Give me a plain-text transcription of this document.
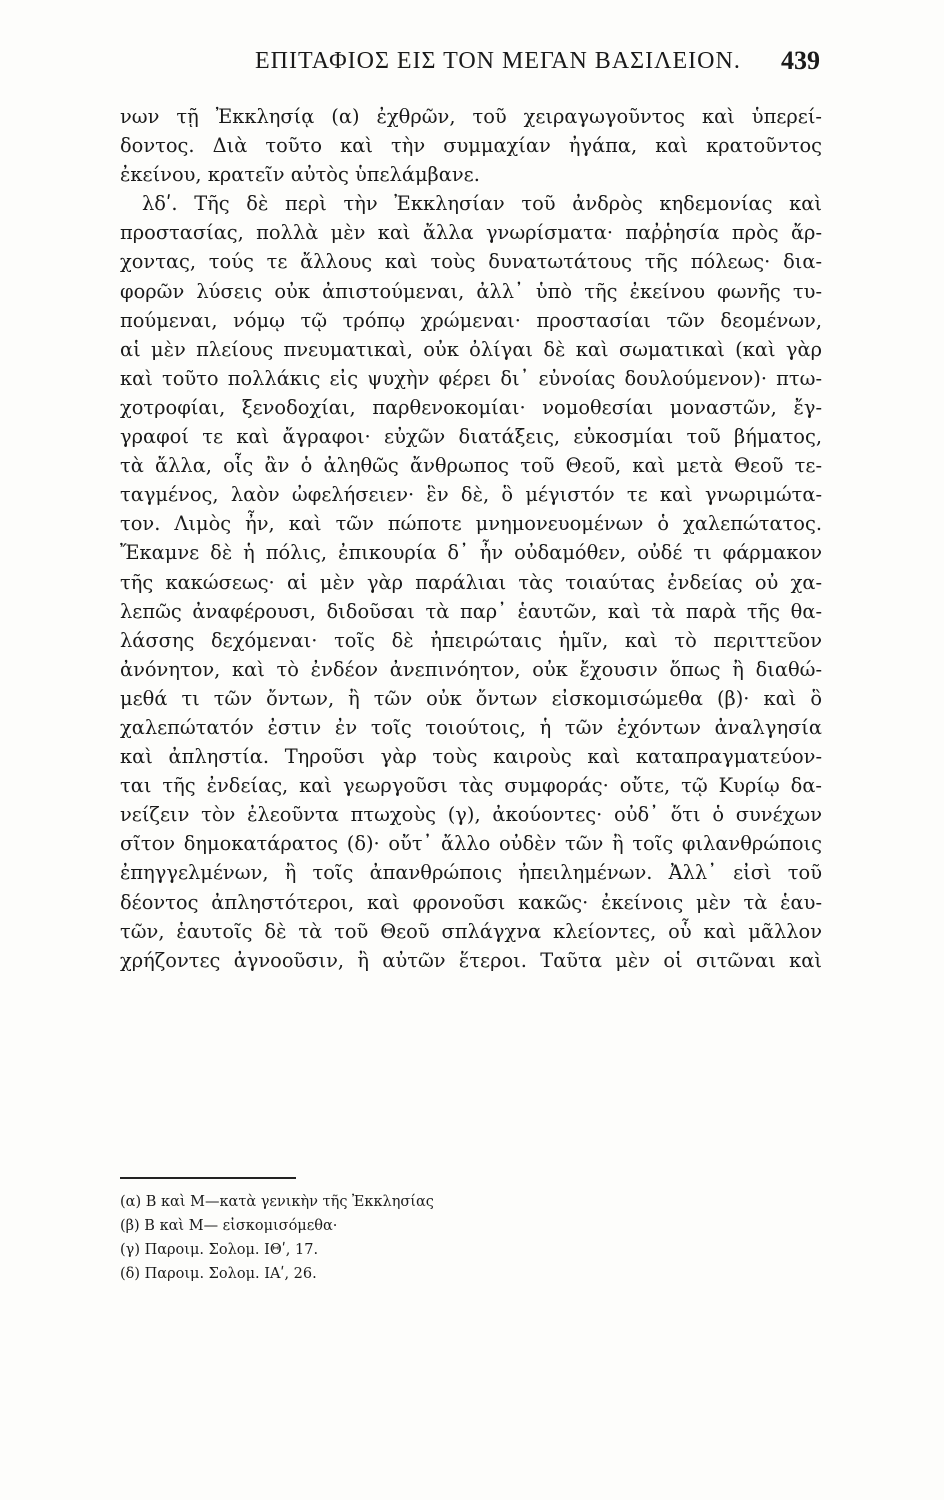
ΕΠΙΤΑΦΙΟΣ ΕΙΣ ΤΟΝ ΜΕΓΑΝ ΒΑΣΙΛΕΙΟΝ. 439
νων τῇ Ἐκκλησίᾳ (α) ἐχθρῶν, τοῦ χειραγωγοῦντος καὶ ὑπερεί-
δοντος. Διὰ τοῦτο καὶ τὴν συμμαχίαν ἠγάπα, καὶ κρατοῦντος
ἐκείνου, κρατεῖν αὐτὸς ὑπελάμβανε.
λδʹ. Τῆς δὲ περὶ τὴν Ἐκκλησίαν τοῦ ἀνδρὸς κηδεμονίας καὶ
προστασίας, πολλὰ μὲν καὶ ἄλλα γνωρίσματα· παῤῥησία πρὸς ἄρ-
χοντας, τούς τε ἄλλους καὶ τοὺς δυνατωτάτους τῆς πόλεως· δια-
φορῶν λύσεις οὐκ ἀπιστούμεναι, ἀλλ᾽ ὑπὸ τῆς ἐκείνου φωνῆς τυ-
πούμεναι, νόμῳ τῷ τρόπῳ χρώμεναι· προστασίαι τῶν δεομένων,
αἱ μὲν πλείους πνευματικαὶ, οὐκ ὀλίγαι δὲ καὶ σωματικαὶ (καὶ γὰρ
καὶ τοῦτο πολλάκις εἰς ψυχὴν φέρει δι᾽ εὐνοίας δουλούμενον)· πτω-
χοτροφίαι, ξενοδοχίαι, παρθενοκομίαι· νομοθεσίαι μοναστῶν, ἔγ-
γραφοί τε καὶ ἄγραφοι· εὐχῶν διατάξεις, εὐκοσμίαι τοῦ βήματος,
τὰ ἄλλα, οἷς ἂν ὁ ἀληθῶς ἄνθρωπος τοῦ Θεοῦ, καὶ μετὰ Θεοῦ τε-
ταγμένος, λαὸν ὠφελήσειεν· ἓν δὲ, ὃ μέγιστόν τε καὶ γνωριμώτα-
τον. Λιμὸς ἦν, καὶ τῶν πώποτε μνημονευομένων ὁ χαλεπώτατος.
Ἔκαμνε δὲ ἡ πόλις, ἐπικουρία δ᾽ ἦν οὐδαμόθεν, οὐδέ τι φάρμακον
τῆς κακώσεως· αἱ μὲν γὰρ παράλιαι τὰς τοιαύτας ἐνδείας οὐ χα-
λεπῶς ἀναφέρουσι, διδοῦσαι τὰ παρ᾽ ἑαυτῶν, καὶ τὰ παρὰ τῆς θα-
λάσσης δεχόμεναι· τοῖς δὲ ἠπειρώταις ἡμῖν, καὶ τὸ περιττεῦον
ἀνόνητον, καὶ τὸ ἐνδέον ἀνεπινόητον, οὐκ ἔχουσιν ὅπως ἢ διαθώ-
μεθά τι τῶν ὄντων, ἢ τῶν οὐκ ὄντων εἰσκομισώμεθα (β)· καὶ ὃ
χαλεπώτατόν ἐστιν ἐν τοῖς τοιούτοις, ἡ τῶν ἐχόντων ἀναλγησία
καὶ ἀπληστία. Τηροῦσι γὰρ τοὺς καιροὺς καὶ καταπραγματεύον-
ται τῆς ἐνδείας, καὶ γεωργοῦσι τὰς συμφοράς· οὔτε, τῷ Κυρίῳ δα-
νείζειν τὸν ἐλεοῦντα πτωχοὺς (γ), ἀκούοντες· οὐδ᾽ ὅτι ὁ συνέχων
σῖτον δημοκατάρατος (δ)· οὔτ᾽ ἄλλο οὐδὲν τῶν ἢ τοῖς φιλανθρώποις
ἐπηγγελμένων, ἢ τοῖς ἀπανθρώποις ἠπειλημένων. Ἀλλ᾽ εἰσὶ τοῦ
δέοντος ἀπληστότεροι, καὶ φρονοῦσι κακῶς· ἐκείνοις μὲν τὰ ἑαυ-
τῶν, ἑαυτοῖς δὲ τὰ τοῦ Θεοῦ σπλάγχνα κλείοντες, οὗ καὶ μᾶλλον
χρήζοντες ἀγνοοῦσιν, ἢ αὐτῶν ἕτεροι. Ταῦτα μὲν οἱ σιτῶναι καὶ
(α) Β καὶ Μ—κατὰ γενικὴν τῆς Ἐκκλησίας
(β) Β καὶ Μ— εἰσκομισόμεθα·
(γ) Παροιμ. Σολομ. ΙΘʹ, 17.
(δ) Παροιμ. Σολομ. ΙΑʹ, 26.
